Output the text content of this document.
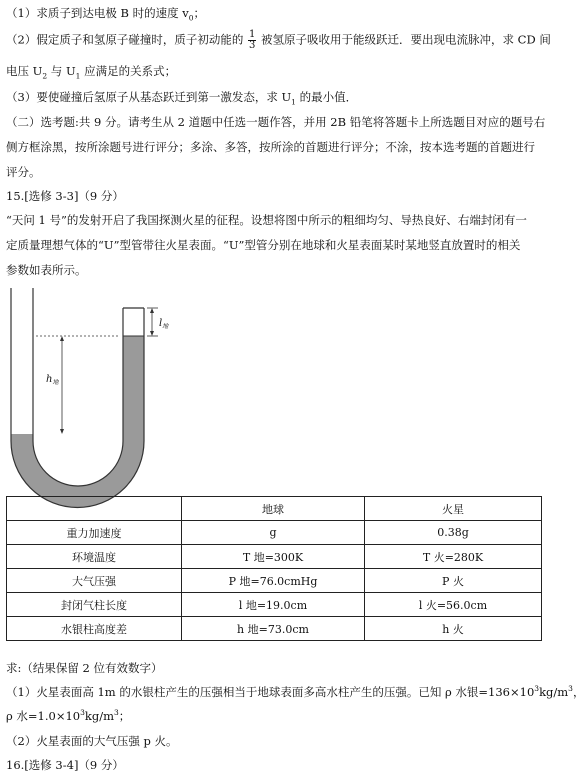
（1）求质子到达电极 B 时的速度 $v_0$；
（2）假定质子和氢原子碰撞时，质子初动能的 $\frac{1}{3}$ 被氢原子吸收用于能级跃迁．要出现电流脉冲，求 CD 间
电压 $U_2$ 与 $U_1$ 应满足的关系式；
（3）要使碰撞后氢原子从基态跃迁到第一激发态，求 $U_1$ 的最小值．
（二）选考题:共 9 分。请考生从 2 道题中任选一题作答，并用 2B 铅笔将答题卡上所选题目对应的题号右
侧方框涂黑，按所涂题号进行评分；多涂、多答，按所涂的首题进行评分；不涂，按本选考题的首题进行
评分。
15.[选修 3-3]（9 分）
“天问 1 号”的发射开启了我国探测火星的征程。设想将图中所示的粗细均匀、导热良好、右端封闭有一
定质量理想气体的“U”型管带往火星表面。“U”型管分别在地球和火星表面某时某地竖直放置时的相关
参数如表所示。
$l_地$
$h_地$
	地球	火星
重力加速度	g	0.38g
环境温度	T 地=300K	T 火=280K
大气压强	P 地=76.0cmHg	P 火
封闭气柱长度	l 地=19.0cm	l 火=56.0cm
水银柱高度差	h 地=73.0cm	h 火
求:（结果保留 2 位有效数字）
（1）火星表面高 1m 的水银柱产生的压强相当于地球表面多高水柱产生的压强。已知 ρ 水银$=136\times 10^3kg/m^3$，
ρ 水$=1.0\times 10^3kg/m^3$；
（2）火星表面的大气压强 p 火。
16.[选修 3-4]（9 分）
